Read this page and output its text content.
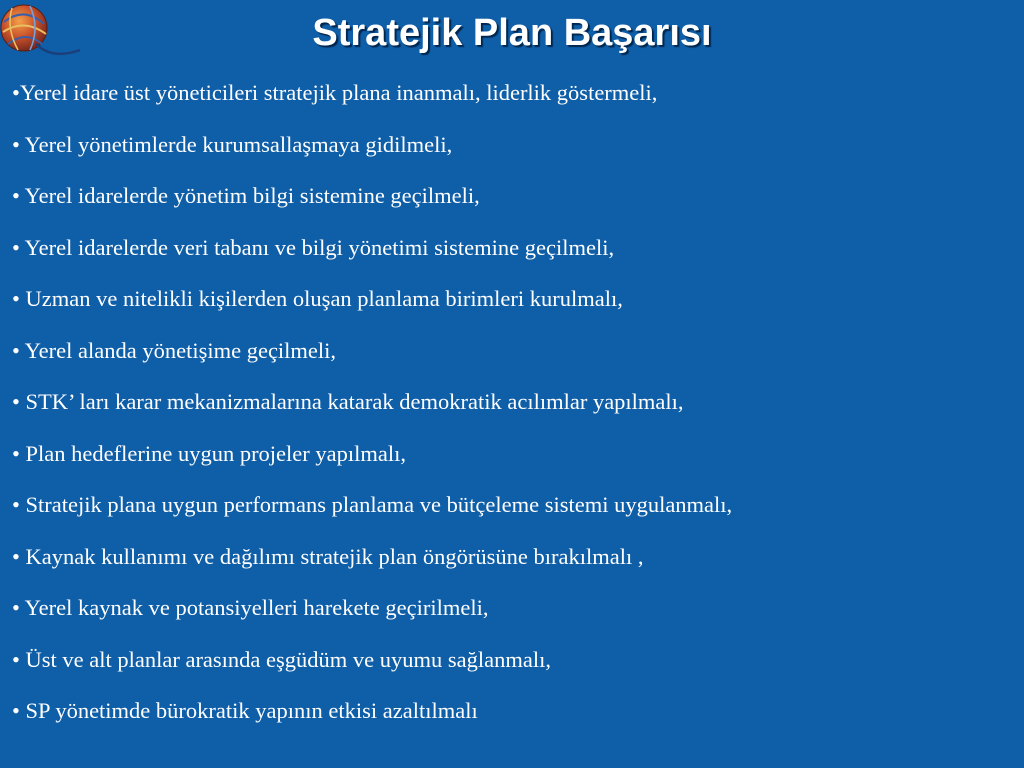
Stratejik Plan Başarısı
•Yerel idare üst yöneticileri stratejik plana inanmalı, liderlik göstermeli,
• Yerel yönetimlerde kurumsallaşmaya gidilmeli,
• Yerel idarelerde yönetim bilgi sistemine geçilmeli,
• Yerel idarelerde veri tabanı ve bilgi yönetimi sistemine geçilmeli,
• Uzman ve nitelikli kişilerden oluşan planlama birimleri kurulmalı,
• Yerel alanda yönetişime geçilmeli,
• STK’ ları karar mekanizmalarına katarak demokratik acılımlar yapılmalı,
• Plan hedeflerine uygun projeler yapılmalı,
• Stratejik plana uygun performans planlama ve bütçeleme sistemi uygulanmalı,
• Kaynak kullanımı ve dağılımı stratejik plan öngörüsüne bırakılmalı ,
• Yerel kaynak ve potansiyelleri harekete geçirilmeli,
• Üst ve alt planlar arasında eşgüdüm ve uyumu sağlanmalı,
• SP yönetimde bürokratik yapının etkisi azaltılmalı
